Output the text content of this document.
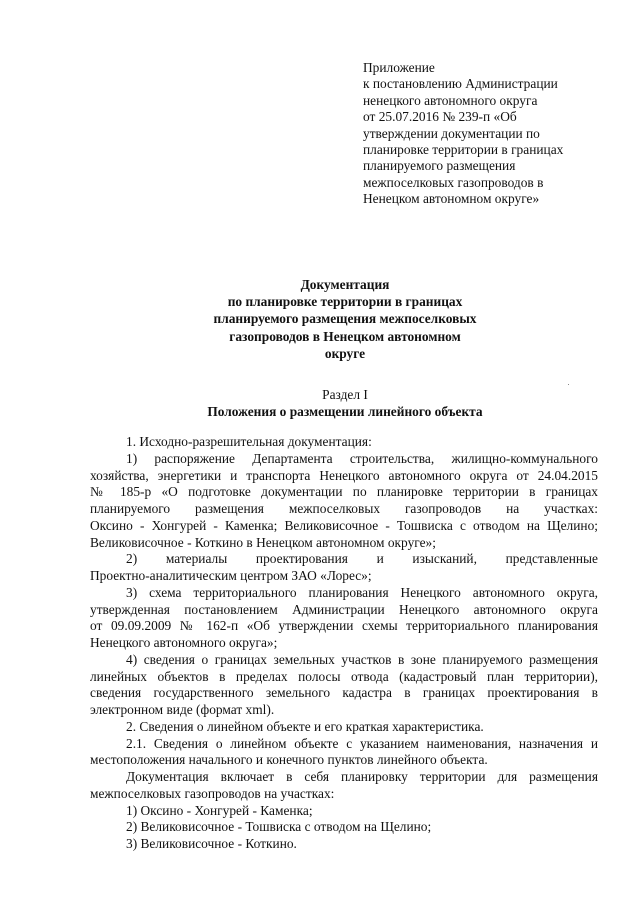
Приложение
к постановлению Администрации
ненецкого автономного округа
от 25.07.2016 № 239-п «Об
утверждении документации по
планировке территории в границах
планируемого размещения
межпоселковых газопроводов в
Ненецком автономном округе»
Документация
по планировке территории в границах
планируемого размещения межпоселковых
газопроводов в Ненецком автономном
округе
Раздел I
Положения о размещении линейного объекта
1. Исходно-разрешительная документация:
1) распоряжение Департамента строительства, жилищно-коммунального
хозяйства, энергетики и транспорта Ненецкого автономного округа от 24.04.2015
№ 185-р «О подготовке документации по планировке территории в границах
планируемого размещения межпоселковых газопроводов на участках:
Оксино - Хонгурей - Каменка; Великовисочное - Тошвиска с отводом на Щелино;
Великовисочное - Коткино в Ненецком автономном округе»;
2) материалы проектирования и изысканий, представленные
Проектно-аналитическим центром ЗАО «Лорес»;
3) схема территориального планирования Ненецкого автономного округа,
утвержденная постановлением Администрации Ненецкого автономного округа
от 09.09.2009 № 162-п «Об утверждении схемы территориального планирования
Ненецкого автономного округа»;
4) сведения о границах земельных участков в зоне планируемого размещения
линейных объектов в пределах полосы отвода (кадастровый план территории),
сведения государственного земельного кадастра в границах проектирования в
электронном виде (формат xml).
2. Сведения о линейном объекте и его краткая характеристика.
2.1. Сведения о линейном объекте с указанием наименования, назначения и
местоположения начального и конечного пунктов линейного объекта.
Документация включает в себя планировку территории для размещения
межпоселковых газопроводов на участках:
1) Оксино - Хонгурей - Каменка;
2) Великовисочное - Тошвиска с отводом на Щелино;
3) Великовисочное - Коткино.
